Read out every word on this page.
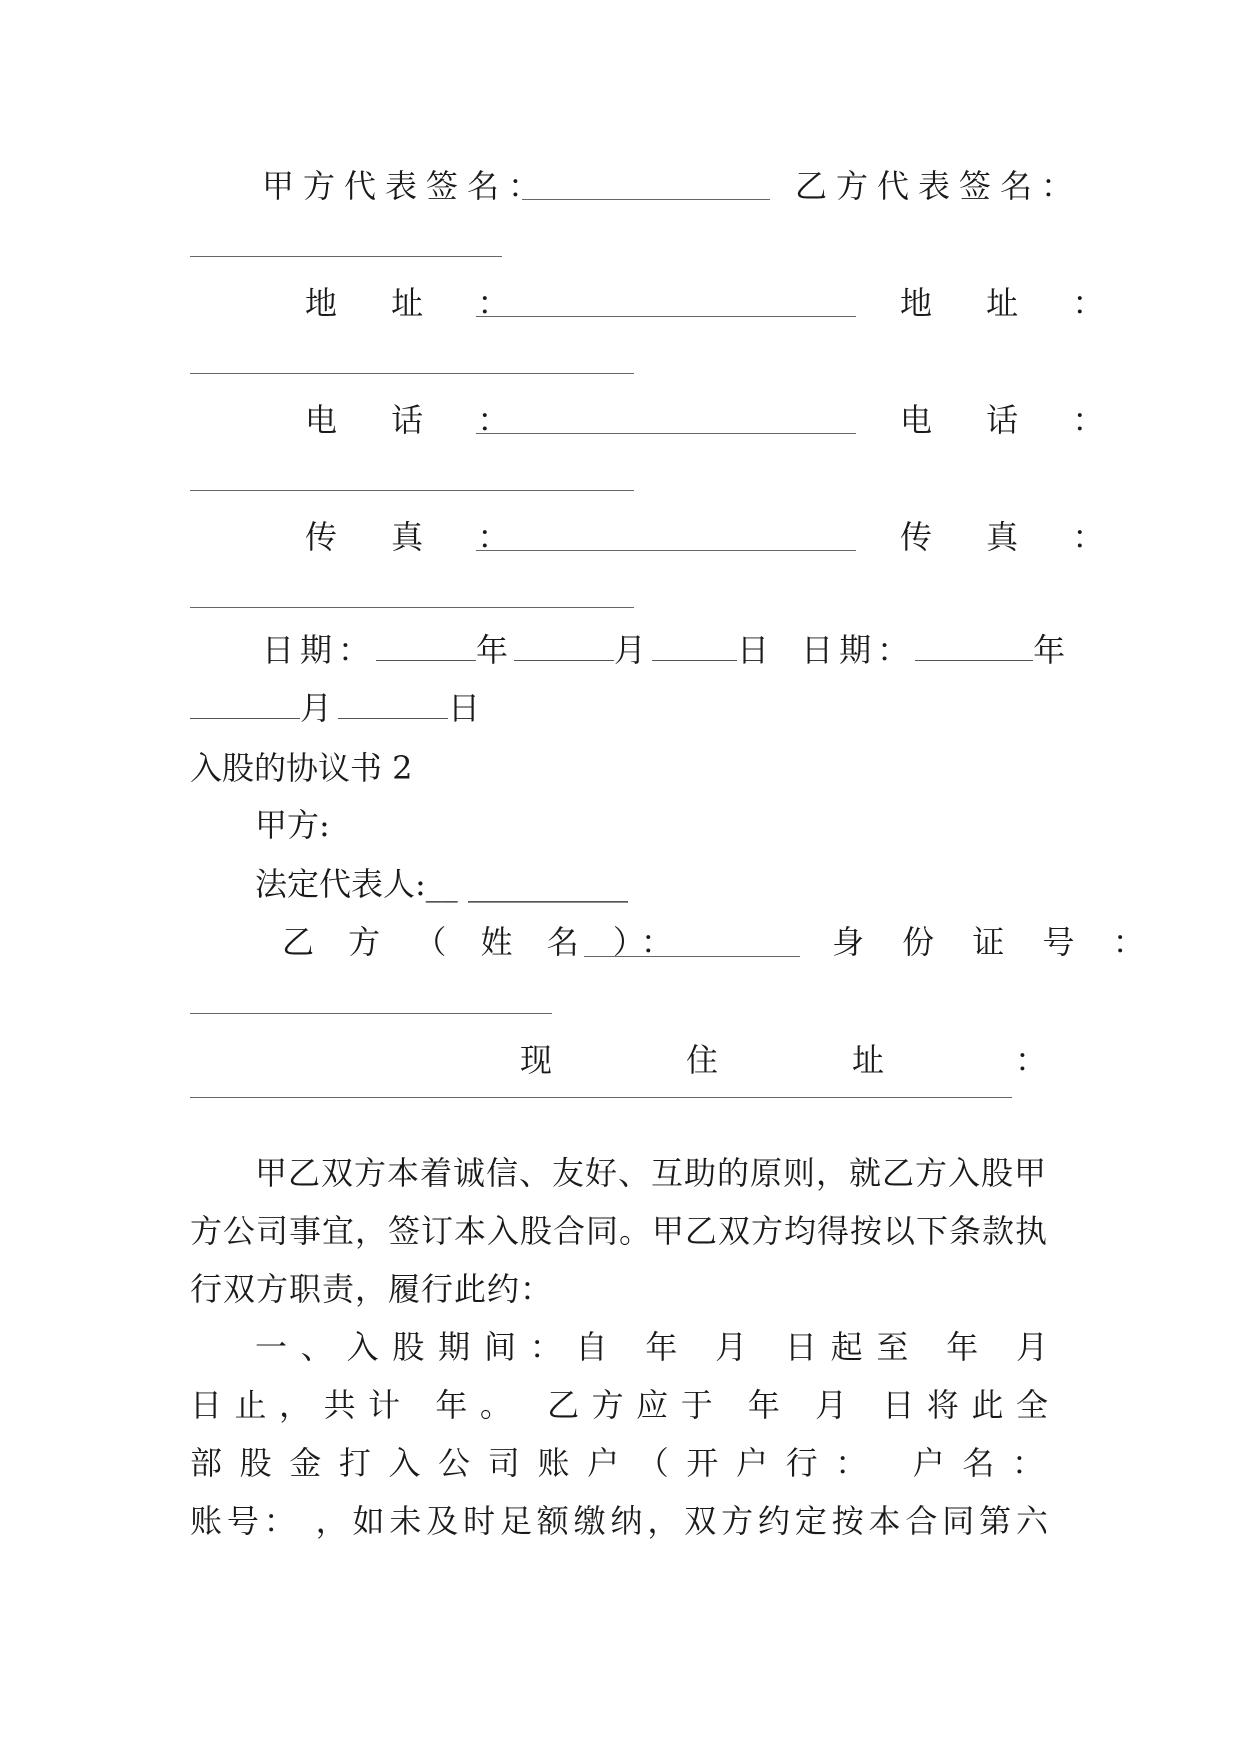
甲方代表签名：	乙方代表签名：
地 址 ：	地 址 ：
电 话 ：	电 话 ：
传 真 ：	传 真 ：
日期：	年	月	日 日期：	年
月	日
入股的协议书 2
甲方:
法定代表人:__ __________
乙 方 （ 姓 名 ）：	身 份 证 号 ：
现	住	址	：
甲乙双方本着诚信、友好、互助的原则，就乙方入股甲
方公司事宜，签订本入股合同。甲乙双方均得按以下条款执
行双方职责，履行此约：
一、入股期间：自 年 月 日起至 年 月
日止，共计 年。 乙方应于 年 月 日将此全
部股金打入公司账户（开户行： 户名：
账号： ，如未及时足额缴纳，双方约定按本合同第六
